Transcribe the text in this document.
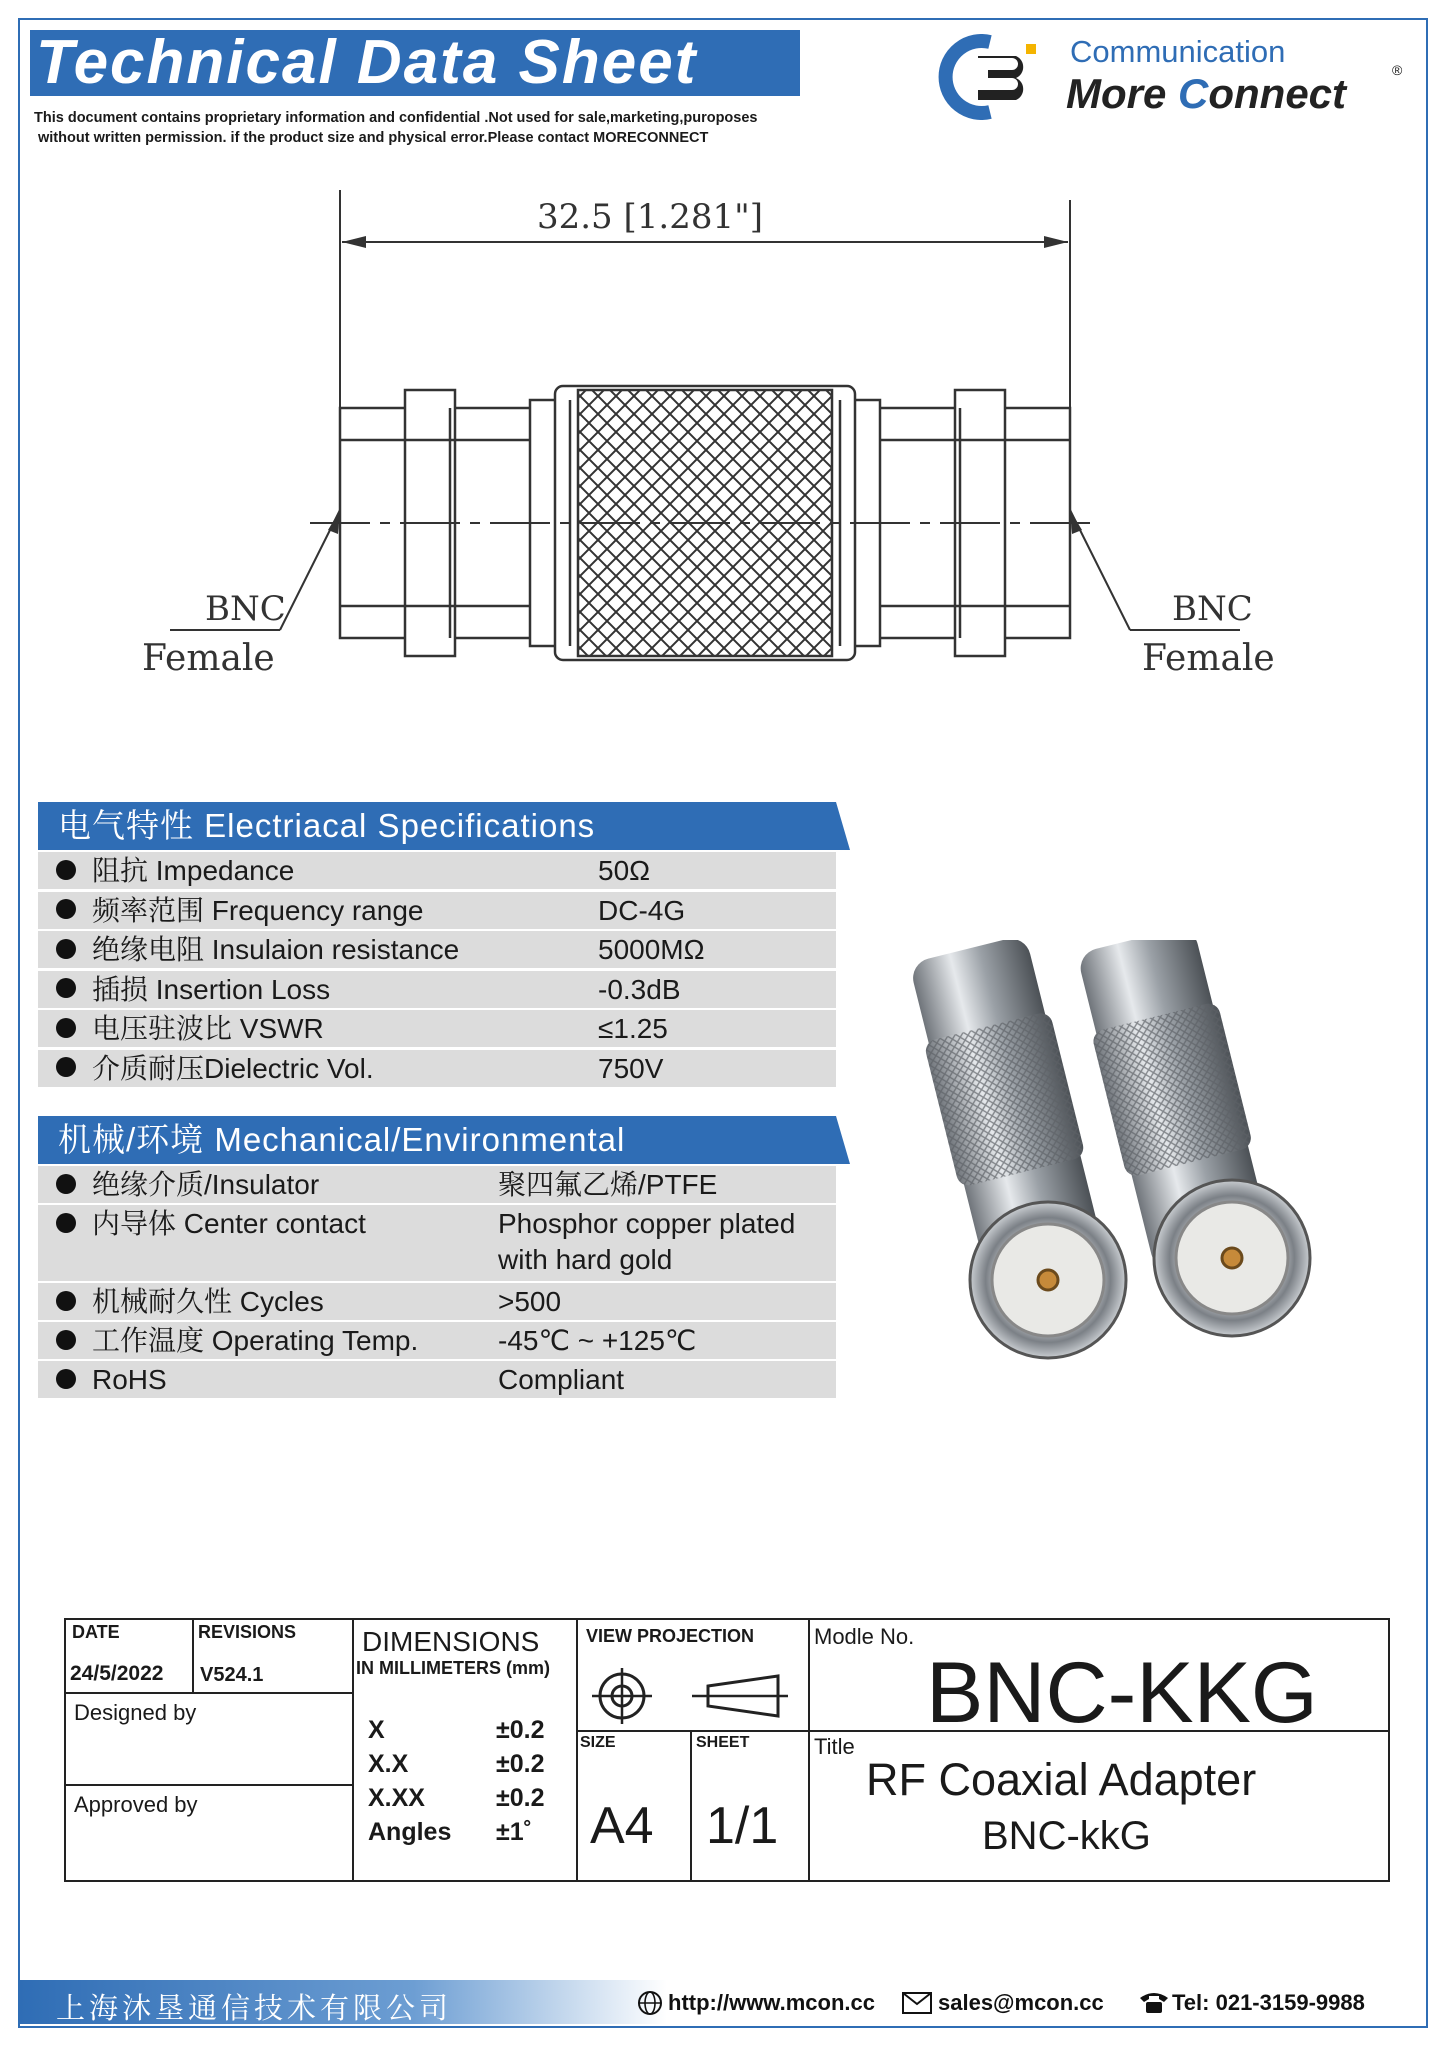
Technical Data Sheet
This document contains proprietary information and confidential .Not used for sale,marketing,puroposes
without written permission. if the product size and physical error.Please contact MORECONNECT
Communication
More Connect	®
32.5 [1.281"]
BNC
Female
BNC
Female
电气特性 Electriacal Specifications
阻抗 Impedance	50Ω
频率范围 Frequency range	DC-4G
绝缘电阻 Insulaion resistance	5000MΩ
插损 Insertion Loss	-0.3dB
电压驻波比 VSWR	≤1.25
介质耐压Dielectric Vol.	750V
机械/环境 Mechanical/Environmental
绝缘介质/Insulator	聚四氟乙烯/PTFE
内导体 Center contact	Phosphor copper plated
with hard gold
机械耐久性 Cycles	>500
工作温度 Operating Temp.	-45℃ ~ +125℃
RoHS	Compliant
DATE
24/5/2022
REVISIONS
V524.1
Designed by
Approved by
DIMENSIONS
IN MILLIMETERS (mm)
VIEW PROJECTION
SIZE
A4
SHEET
1/1
Modle No.
BNC-KKG
Title
RF Coaxial Adapter
BNC-kkG
X	±0.2
X.X	±0.2
X.XX	±0.2
Angles ±1˚
上海沐垦通信技术有限公司	http://www.mcon.cc	sales@mcon.cc	Tel: 021-3159-9988
